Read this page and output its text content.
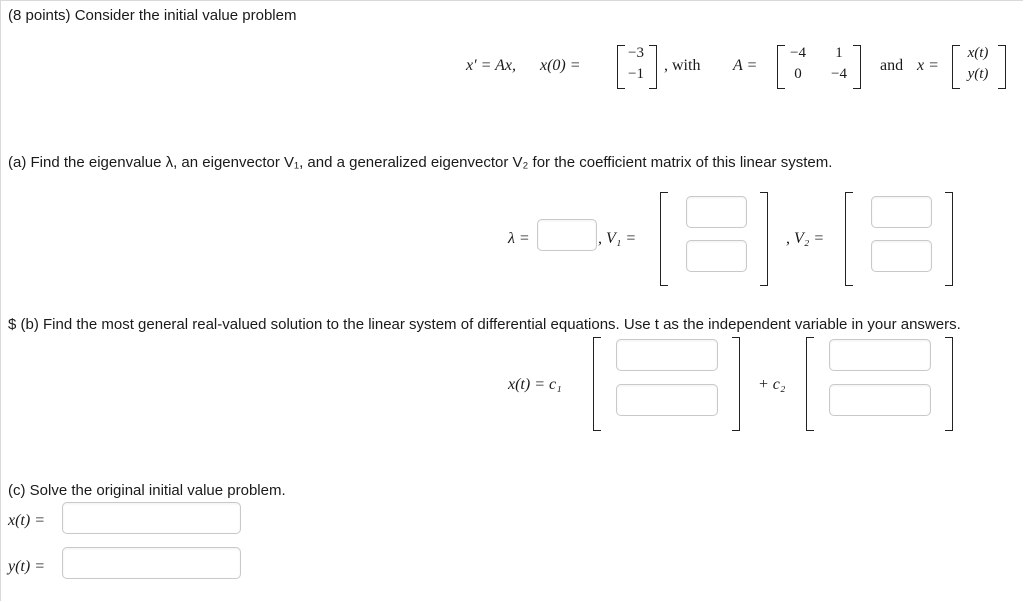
(8 points) Consider the initial value problem
x′ = Ax, x(0) =
−3
−1	, with A =
−4	1
0	−4	and x =
x(t)
y(t)
(a) Find the eigenvalue λ, an eigenvector V₁, and a generalized eigenvector V₂ for the coefficient matrix of this linear system.
λ =	, V₁ =	, V₂ =
$ (b) Find the most general real-valued solution to the linear system of differential equations. Use t as the independent variable in your answers.
x(t) = c₁	+ c₂
(c) Solve the original initial value problem.
x(t) =
y(t) =
